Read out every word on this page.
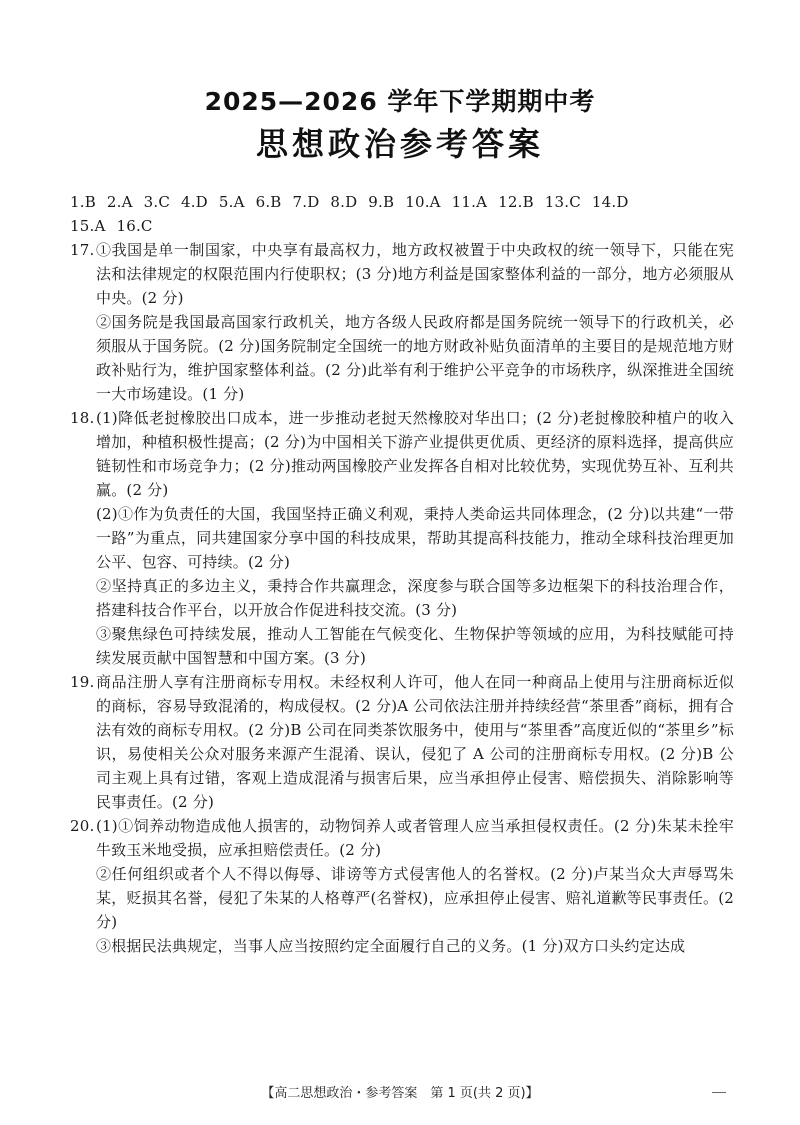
2025—2026 学年下学期期中考
思想政治参考答案
1.B 2.A 3.C 4.D 5.A 6.B 7.D 8.D 9.B 10.A 11.A 12.B 13.C 14.D
15.A 16.C
17. ①我国是单一制国家，中央享有最高权力，地方政权被置于中央政权的统一领导下，只能在宪法和法律规定的权限范围内行使职权；(3 分)地方利益是国家整体利益的一部分，地方必须服从中央。(2 分)

②国务院是我国最高国家行政机关，地方各级人民政府都是国务院统一领导下的行政机关，必须服从于国务院。(2 分)国务院制定全国统一的地方财政补贴负面清单的主要目的是规范地方财政补贴行为，维护国家整体利益。(2 分)此举有利于维护公平竞争的市场秩序，纵深推进全国统一大市场建设。(1 分)

18. (1)降低老挝橡胶出口成本，进一步推动老挝天然橡胶对华出口；(2 分)老挝橡胶种植户的收入增加，种植积极性提高；(2 分)为中国相关下游产业提供更优质、更经济的原料选择，提高供应链韧性和市场竞争力；(2 分)推动两国橡胶产业发挥各自相对比较优势，实现优势互补、互利共赢。(2 分)

(2)①作为负责任的大国，我国坚持正确义利观，秉持人类命运共同体理念，(2 分)以共建“一带一路”为重点，同共建国家分享中国的科技成果，帮助其提高科技能力，推动全球科技治理更加公平、包容、可持续。(2 分)

②坚持真正的多边主义，秉持合作共赢理念，深度参与联合国等多边框架下的科技治理合作，搭建科技合作平台，以开放合作促进科技交流。(3 分)

③聚焦绿色可持续发展，推动人工智能在气候变化、生物保护等领域的应用，为科技赋能可持续发展贡献中国智慧和中国方案。(3 分)

19. 商品注册人享有注册商标专用权。未经权利人许可，他人在同一种商品上使用与注册商标近似的商标，容易导致混淆的，构成侵权。(2 分)A 公司依法注册并持续经营“茶里香”商标，拥有合法有效的商标专用权。(2 分)B 公司在同类茶饮服务中，使用与“茶里香”高度近似的“茶里乡”标识，易使相关公众对服务来源产生混淆、误认，侵犯了 A 公司的注册商标专用权。(2 分)B 公司主观上具有过错，客观上造成混淆与损害后果，应当承担停止侵害、赔偿损失、消除影响等民事责任。(2 分)

20. (1)①饲养动物造成他人损害的，动物饲养人或者管理人应当承担侵权责任。(2 分)朱某未拴牢牛致玉米地受损，应承担赔偿责任。(2 分)

②任何组织或者个人不得以侮辱、诽谤等方式侵害他人的名誉权。(2 分)卢某当众大声辱骂朱某，贬损其名誉，侵犯了朱某的人格尊严(名誉权)，应承担停止侵害、赔礼道歉等民事责任。(2 分)

③根据民法典规定，当事人应当按照约定全面履行自己的义务。(1 分)双方口头约定达成

【高二思想政治・参考答案　第 1 页(共 2 页)】
